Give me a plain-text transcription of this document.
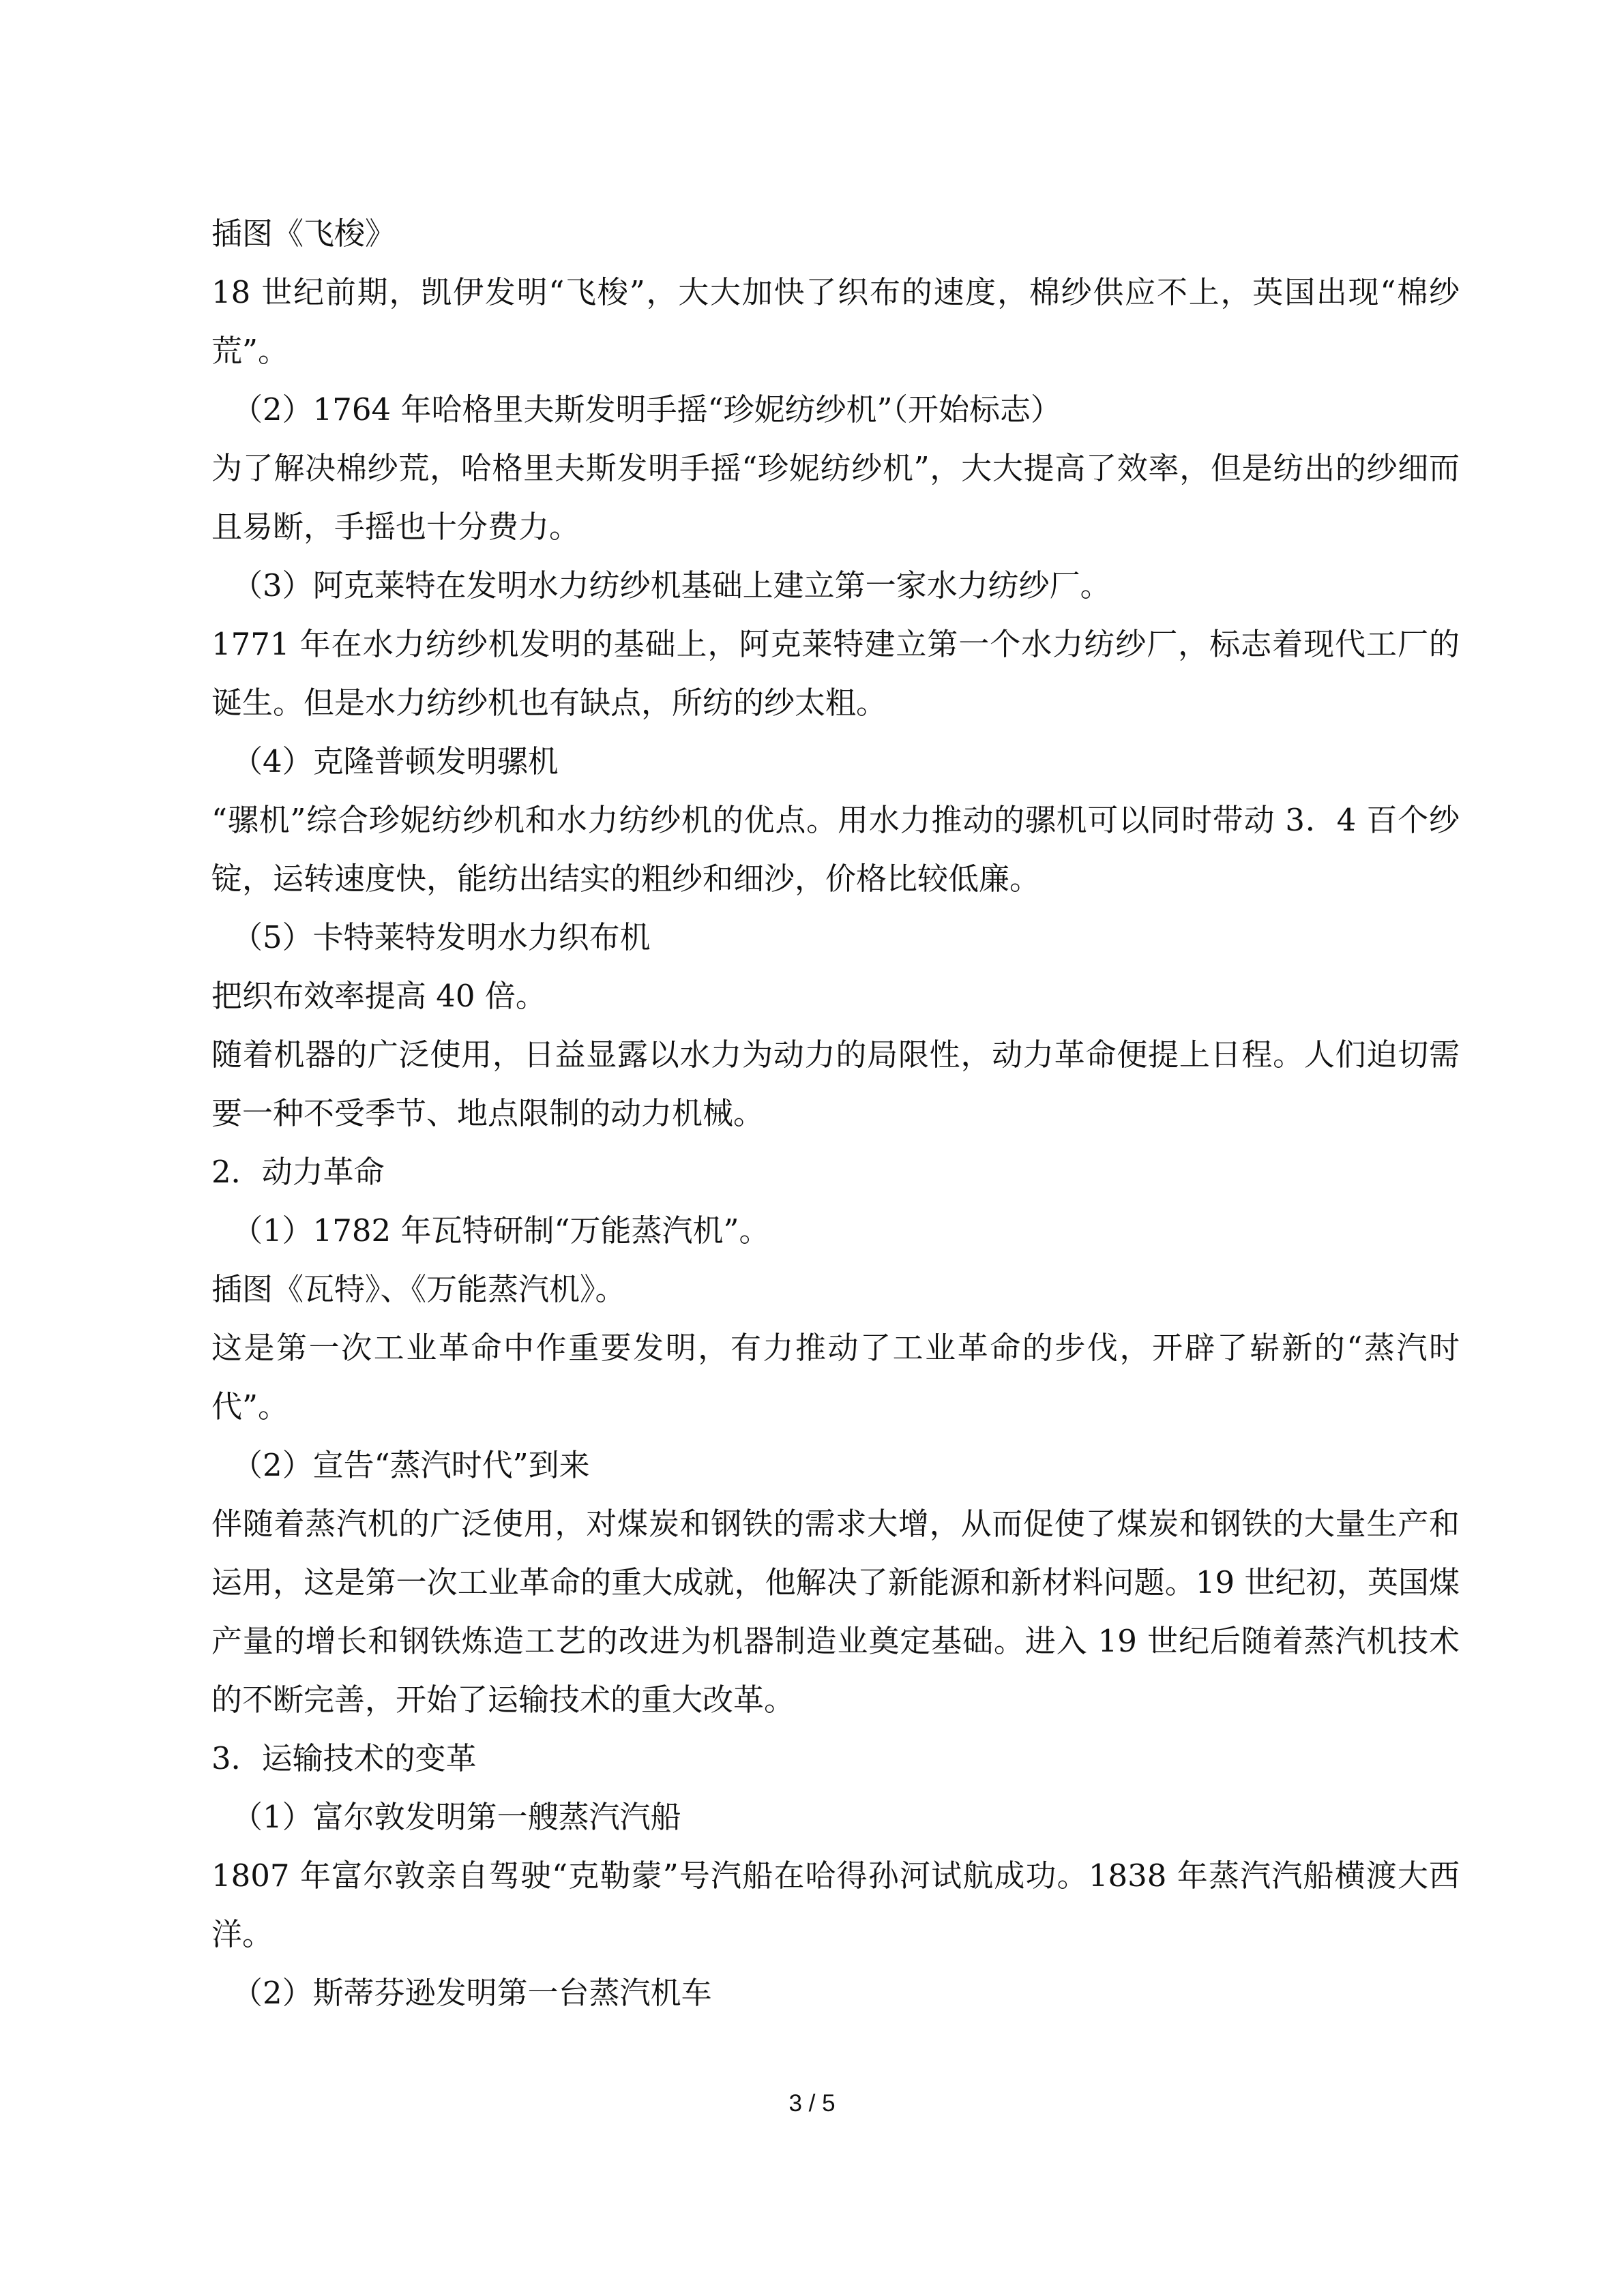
插图《飞梭》

18 世纪前期，凯伊发明“飞梭”，大大加快了织布的速度，棉纱供应不上，英国出现“棉纱荒”。

（2）1764 年哈格里夫斯发明手摇“珍妮纺纱机”（开始标志）

为了解决棉纱荒，哈格里夫斯发明手摇“珍妮纺纱机”，大大提高了效率，但是纺出的纱细而且易断，手摇也十分费力。

（3）阿克莱特在发明水力纺纱机基础上建立第一家水力纺纱厂。

1771 年在水力纺纱机发明的基础上，阿克莱特建立第一个水力纺纱厂，标志着现代工厂的诞生。但是水力纺纱机也有缺点，所纺的纱太粗。

（4）克隆普顿发明骡机

“骡机”综合珍妮纺纱机和水力纺纱机的优点。用水力推动的骡机可以同时带动 3．4 百个纱锭，运转速度快，能纺出结实的粗纱和细沙，价格比较低廉。

（5）卡特莱特发明水力织布机

把织布效率提高 40 倍。

随着机器的广泛使用，日益显露以水力为动力的局限性，动力革命便提上日程。人们迫切需要一种不受季节、地点限制的动力机械。

2．动力革命

（1）1782 年瓦特研制“万能蒸汽机”。

插图《瓦特》、《万能蒸汽机》。

这是第一次工业革命中作重要发明，有力推动了工业革命的步伐，开辟了崭新的“蒸汽时代”。

（2）宣告“蒸汽时代”到来

伴随着蒸汽机的广泛使用，对煤炭和钢铁的需求大增，从而促使了煤炭和钢铁的大量生产和运用，这是第一次工业革命的重大成就，他解决了新能源和新材料问题。19 世纪初，英国煤产量的增长和钢铁炼造工艺的改进为机器制造业奠定基础。进入 19 世纪后随着蒸汽机技术的不断完善，开始了运输技术的重大改革。

3．运输技术的变革

（1）富尔敦发明第一艘蒸汽汽船

1807 年富尔敦亲自驾驶“克勒蒙”号汽船在哈得孙河试航成功。1838 年蒸汽汽船横渡大西洋。

（2）斯蒂芬逊发明第一台蒸汽机车

3 / 5
